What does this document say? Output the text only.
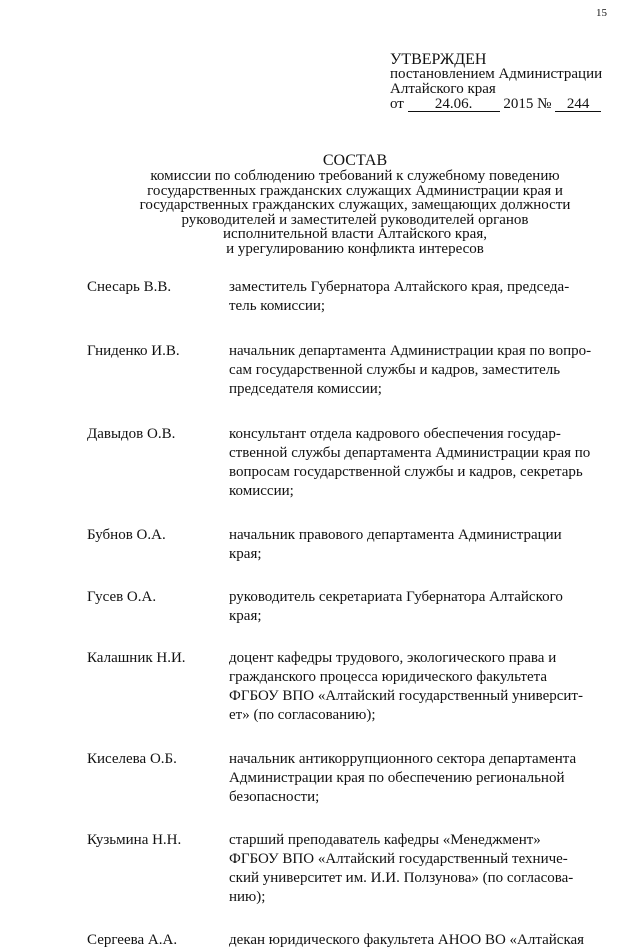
15
УТВЕРЖДЕН
постановлением Администрации
Алтайского края
от 24.06. 2015 № 244
СОСТАВ
комиссии по соблюдению требований к служебному поведению
государственных гражданских служащих Администрации края и
государственных гражданских служащих, замещающих должности
руководителей и заместителей руководителей органов
исполнительной власти Алтайского края,
и урегулированию конфликта интересов
Снесарь В.В.	заместитель Губернатора Алтайского края, председа-
тель комиссии;
Гниденко И.В.	начальник департамента Администрации края по вопро-
сам государственной службы и кадров, заместитель
председателя комиссии;
Давыдов О.В.	консультант отдела кадрового обеспечения государ-
ственной службы департамента Администрации края по
вопросам государственной службы и кадров, секретарь
комиссии;
Бубнов О.А.	начальник правового департамента Администрации
края;
Гусев О.А.	руководитель секретариата Губернатора Алтайского
края;
Калашник Н.И.	доцент кафедры трудового, экологического права и
гражданского процесса юридического факультета
ФГБОУ ВПО «Алтайский государственный университ-
ет» (по согласованию);
Киселева О.Б.	начальник антикоррупционного сектора департамента
Администрации края по обеспечению региональной
безопасности;
Кузьмина Н.Н.	старший преподаватель кафедры «Менеджмент»
ФГБОУ ВПО «Алтайский государственный техниче-
ский университет им. И.И. Ползунова» (по согласова-
нию);
Сергеева А.А.	декан юридического факультета АНОО ВО «Алтайская
